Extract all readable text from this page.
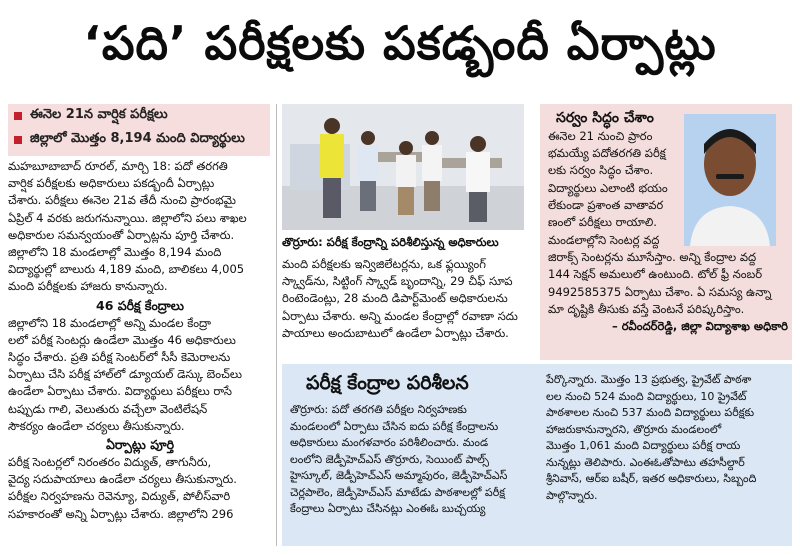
‘పది’ పరీక్షలకు పకడ్బందీ ఏర్పాట్లు
ఈనెల 21న వార్షిక పరీక్షలు
జిల్లాలో మొత్తం 8,194 మంది విద్యార్థులు
మహబూబాబాద్ రూరల్, మార్చి 18: పదో తరగతి
వార్షిక పరీక్షలకు అధికారులు పకడ్బందీ ఏర్పాట్లు
చేశారు. పరీక్షలు ఈనెల 21వ తేదీ నుంచి ప్రారంభమై
ఏప్రిల్ 4 వరకు జరుగనున్నాయి. జిల్లాలోని పలు శాఖల
అధికారుల సమన్వయంతో ఏర్పాట్లను పూర్తి చేశారు.
జిల్లాలోని 18 మండలాల్లో మొత్తం 8,194 మంది
విద్యార్థుల్లో బాలురు 4,189 మంది, బాలికలు 4,005
మంది పరీక్షలకు హాజరు కానున్నారు.
46 పరీక్ష కేంద్రాలు
జిల్లాలోని 18 మండలాల్లో అన్ని మండల కేంద్రా
లలో పరీక్ష సెంటర్లు ఉండేలా మొత్తం 46 అధికారులు
సిద్ధం చేశారు. ప్రతి పరీక్ష సెంటర్‌లో సీసీ కెమెరాలను
ఏర్పాటు చేసి పరీక్ష హాల్‌లో డ్యూయల్ డెస్కు బెంచ్‌లు
ఉండేలా ఏర్పాటు చేశారు. విద్యార్థులు పరీక్షలు రాసే
టప్పుడు గాలి, వెలుతురు వచ్చేలా వెంటిలేషన్
సౌకర్యం ఉండేలా చర్యలు తీసుకున్నారు.
ఏర్పాట్లు పూర్తి
పరీక్ష సెంటర్లలో నిరంతరం విద్యుత్, తాగునీరు,
వైద్య సదుపాయాలు ఉండేలా చర్యలు తీసుకున్నారు.
పరీక్షల నిర్వహణను రెవెన్యూ, విద్యుత్, పోలీస్‌వారి
సహకారంతో అన్ని ఏర్పాట్లు చేశారు. జిల్లాలోని 296
తొర్రూరు: పరీక్ష కేంద్రాన్ని పరిశీలిస్తున్న అధికారులు
మంది పరీక్షలకు ఇన్విజిలేటర్లను, ఒక ఫ్లయ్యింగ్
స్క్వాడ్‌ను, సిట్టింగ్ స్క్వాడ్ బృందాన్ని, 29 చీఫ్ సూప
రింటెండెంట్లు, 28 మంది డిపార్ట్‌మెంట్ అధికారులను
ఏర్పాటు చేశారు. అన్ని మండల కేంద్రాల్లో రవాణా సదు
పాయాలు అందుబాటులో ఉండేలా ఏర్పాట్లు చేశారు.
సర్వం సిద్ధం చేశాం
ఈనెల 21 నుంచి ప్రారం
భమయ్యే పదోతరగతి పరీక్ష
లకు సర్వం సిద్ధం చేశాం.
విద్యార్థులు ఎలాంటి భయం
లేకుండా ప్రశాంత వాతావర
ణంలో పరీక్షలు రాయాలి.
మండలాల్లోని సెంటర్ల వద్ద
జిరాక్స్ సెంటర్లను మూసేస్తాం. అన్ని కేంద్రాల వద్ద
144 సెక్షన్ అమలులో ఉంటుంది. టోల్ ఫ్రీ నంబర్
9492585375 ఏర్పాటు చేశాం. ఏ సమస్య ఉన్నా
మా దృష్టికి తీసుకు వస్తే వెంటనే పరిష్కరిస్తాం.
– రవీందర్‌రెడ్డి, జిల్లా విద్యాశాఖ అధికారి
పరీక్ష కేంద్రాల పరిశీలన
తొర్రూరు: పదో తరగతి పరీక్షల నిర్వహణకు
మండలంలో ఏర్పాటు చేసిన ఐదు పరీక్ష కేంద్రాలను
అధికారులు మంగళవారం పరిశీలించారు. మండ
లంలోని జెడ్పీహెచ్ఎస్ తొర్రూరు, సెయింట్ పాల్స్
హైస్కూల్, జెడ్పీహెచ్ఎస్ అమ్మాపురం, జెడ్పీహెచ్ఎస్
చెర్లపాలెం, జెడ్పీహెచ్ఎస్ మాటేడు పాఠశాలల్లో పరీక్ష
కేంద్రాలు ఏర్పాటు చేసినట్లు ఎంఈఓ బుచ్చయ్య
పేర్కొన్నారు. మొత్తం 13 ప్రభుత్వ, ప్రైవేట్ పాఠశా
లల నుంచి 524 మంది విద్యార్థులు, 10 ప్రైవేట్
పాఠశాలల నుంచి 537 మంది విద్యార్థులు పరీక్షకు
హాజరుకానున్నారని, తొర్రూరు మండలంలో
మొత్తం 1,061 మంది విద్యార్థులు పరీక్ష రాయ
నున్నట్లు తెలిపారు. ఎంఈఓతోపాటు తహసీల్దార్
శ్రీనివాస్, ఆర్ఐ బషీర్, ఇతర అధికారులు, సిబ్బంది
పాల్గొన్నారు.
